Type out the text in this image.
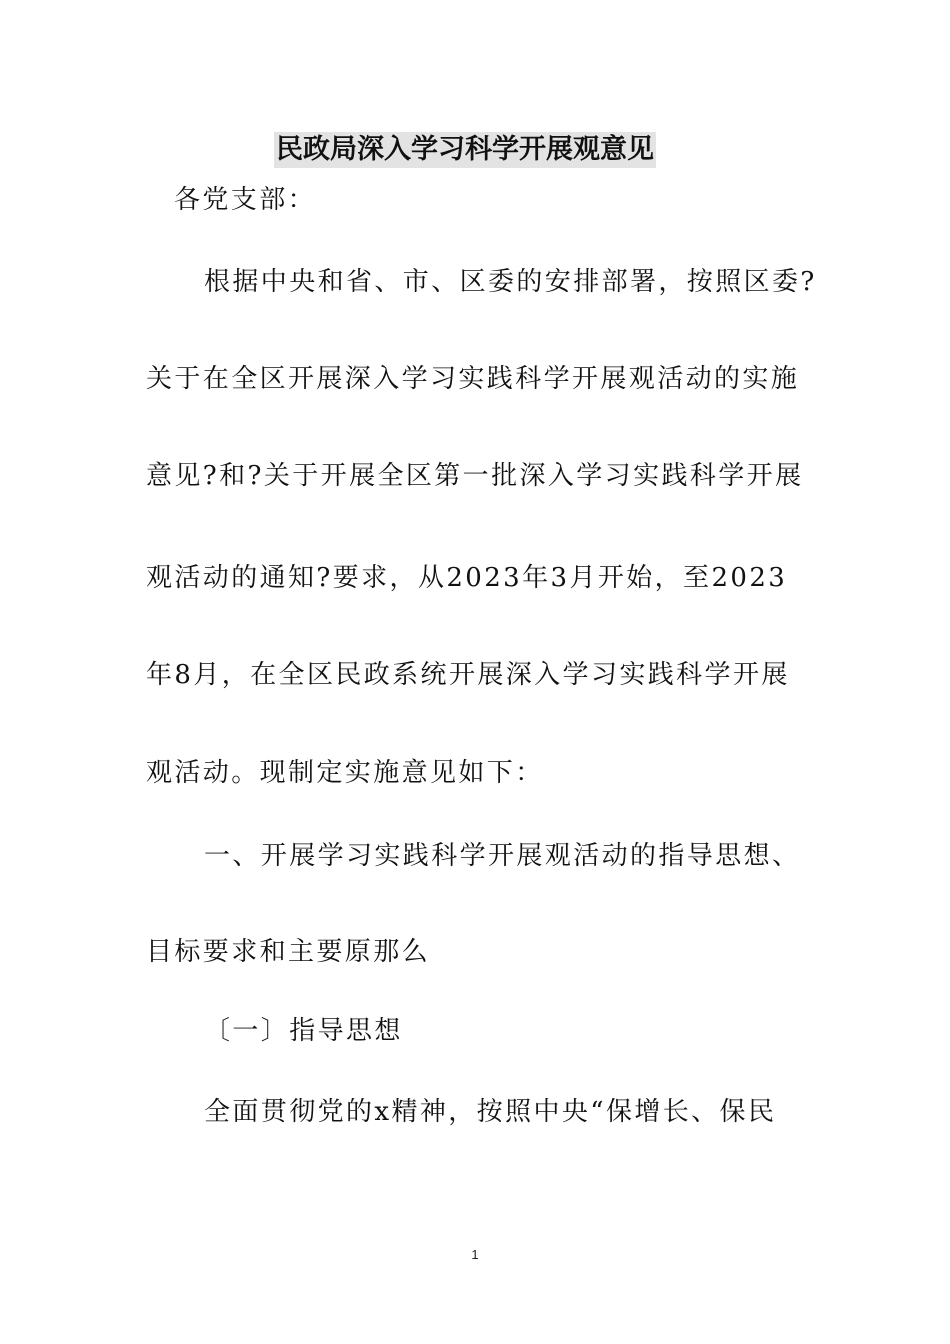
民政局深入学习科学开展观意见
各党支部：
根据中央和省、市、区委的安排部署，按照区委?
关于在全区开展深入学习实践科学开展观活动的实施
意见?和?关于开展全区第一批深入学习实践科学开展
观活动的通知?要求，从2023年3月开始，至2023
年8月，在全区民政系统开展深入学习实践科学开展
观活动。现制定实施意见如下：
一、开展学习实践科学开展观活动的指导思想、
目标要求和主要原那么
〔一〕指导思想
全面贯彻党的x精神，按照中央“保增长、保民
1
